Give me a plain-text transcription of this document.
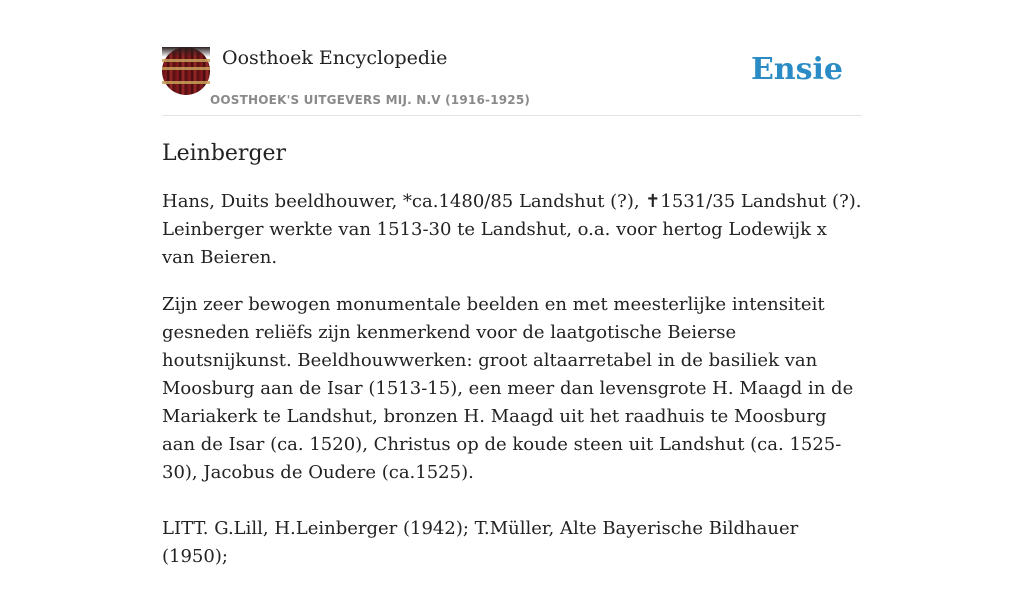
Oosthoek Encyclopedie
OOSTHOEK'S UITGEVERS MIJ. N.V (1916-1925)
Ensie
Leinberger

Hans, Duits beeldhouwer, *ca.1480/85 Landshut (?), ✝1531/35 Landshut (?). Leinberger werkte van 1513-30 te Landshut, o.a. voor hertog Lodewijk x van Beieren.

Zijn zeer bewogen monumentale beelden en met meesterlijke intensiteit gesneden reliëfs zijn kenmerkend voor de laatgotische Beierse houtsnijkunst. Beeldhouwwerken: groot altaarretabel in de basiliek van Moosburg aan de Isar (1513-15), een meer dan levensgrote H. Maagd in de Mariakerk te Landshut, bronzen H. Maagd uit het raadhuis te Moosburg aan de Isar (ca. 1520), Christus op de koude steen uit Landshut (ca. 1525-30), Jacobus de Oudere (ca.1525).

LITT. G.Lill, H.Leinberger (1942); T.Müller, Alte Bayerische Bildhauer (1950);
